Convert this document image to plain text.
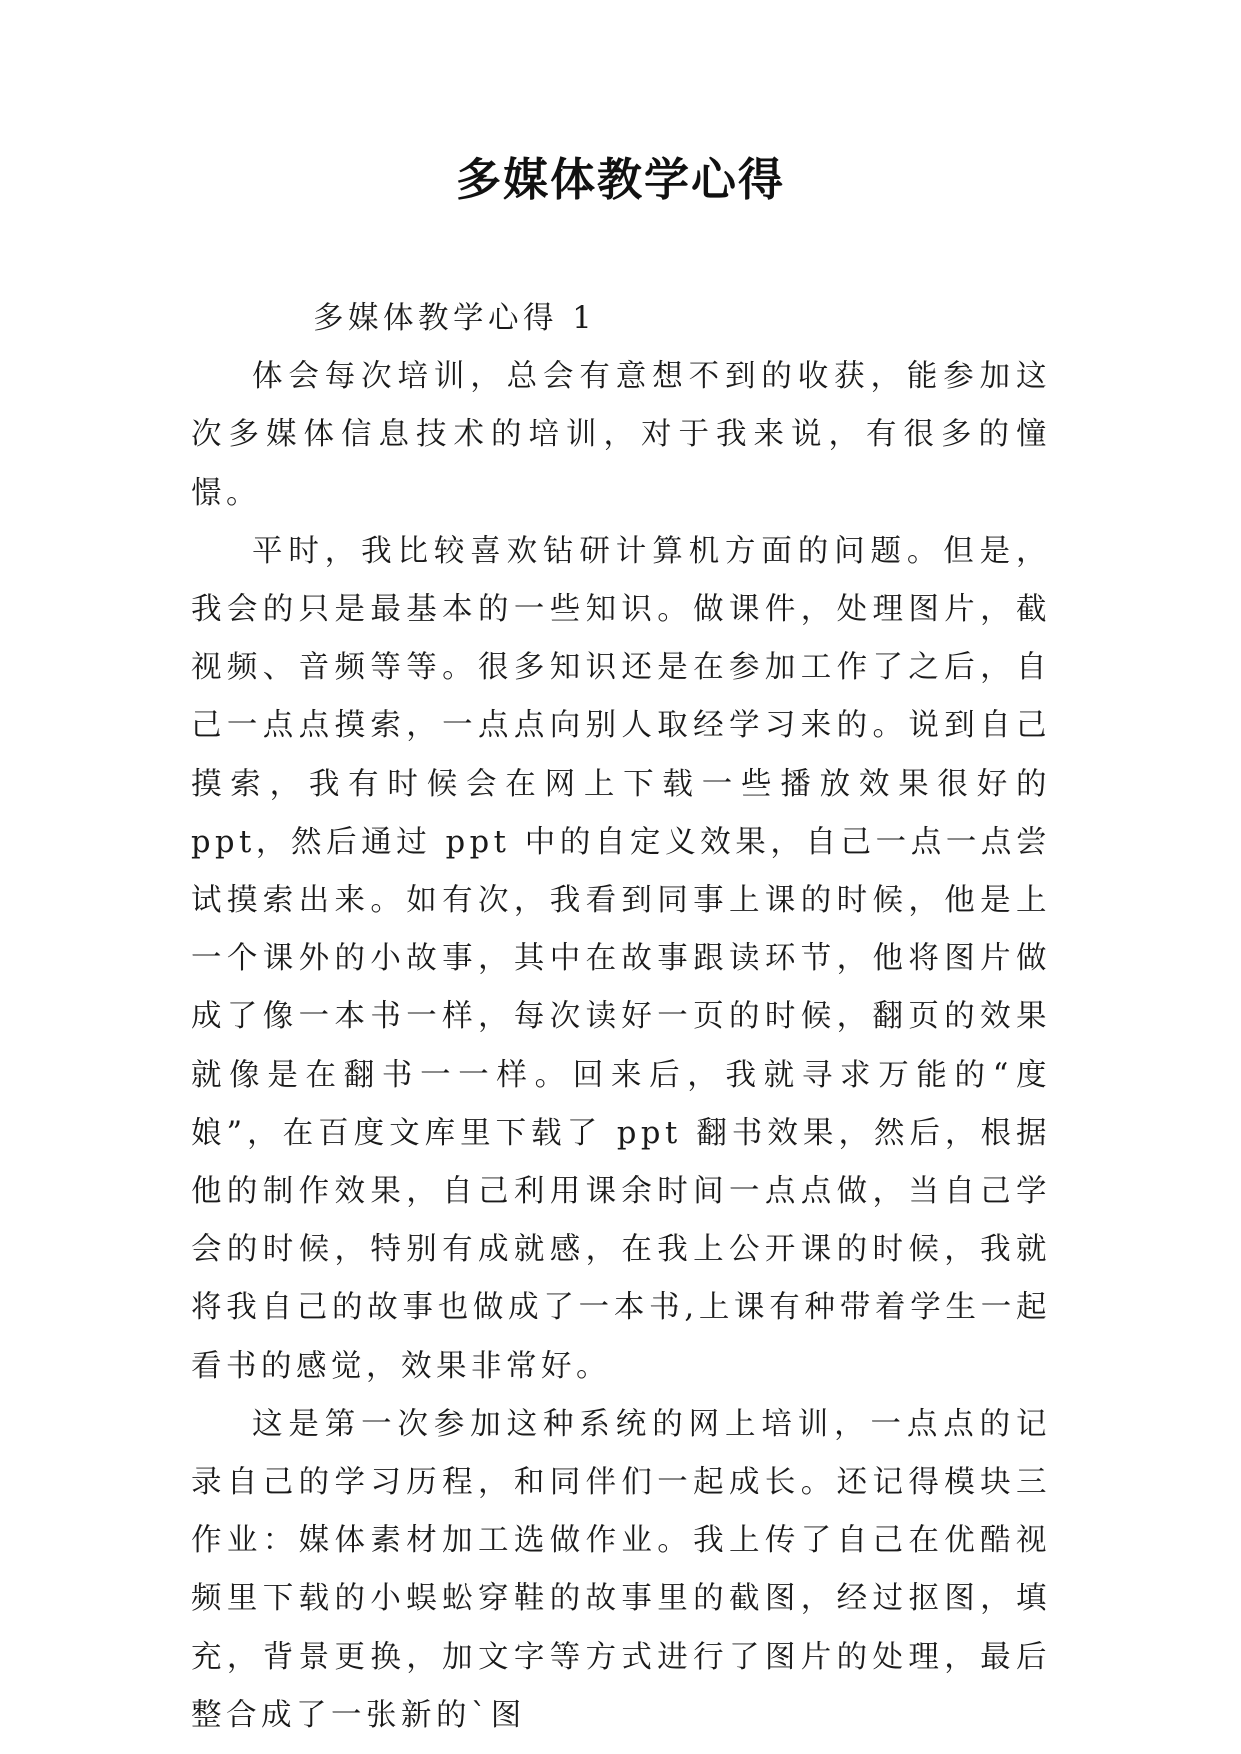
多媒体教学心得

多媒体教学心得 1

体会每次培训，总会有意想不到的收获，能参加这次多媒体信息技术的培训，对于我来说，有很多的憧憬。

平时，我比较喜欢钻研计算机方面的问题。但是，我会的只是最基本的一些知识。做课件，处理图片，截视频、音频等等。很多知识还是在参加工作了之后，自己一点点摸索，一点点向别人取经学习来的。说到自己摸索，我有时候会在网上下载一些播放效果很好的 ppt，然后通过 ppt 中的自定义效果，自己一点一点尝试摸索出来。如有次，我看到同事上课的时候，他是上一个课外的小故事，其中在故事跟读环节，他将图片做成了像一本书一样，每次读好一页的时候，翻页的效果就像是在翻书一一样。回来后，我就寻求万能的“度娘”，在百度文库里下载了 ppt 翻书效果，然后，根据他的制作效果，自己利用课余时间一点点做，当自己学会的时候，特别有成就感，在我上公开课的时候，我就将我自己的故事也做成了一本书,上课有种带着学生一起看书的感觉，效果非常好。

这是第一次参加这种系统的网上培训，一点点的记录自己的学习历程，和同伴们一起成长。还记得模块三作业：媒体素材加工选做作业。我上传了自己在优酷视频里下载的小蜈蚣穿鞋的故事里的截图，经过抠图，填充，背景更换，加文字等方式进行了图片的处理，最后整合成了一张新的`图
